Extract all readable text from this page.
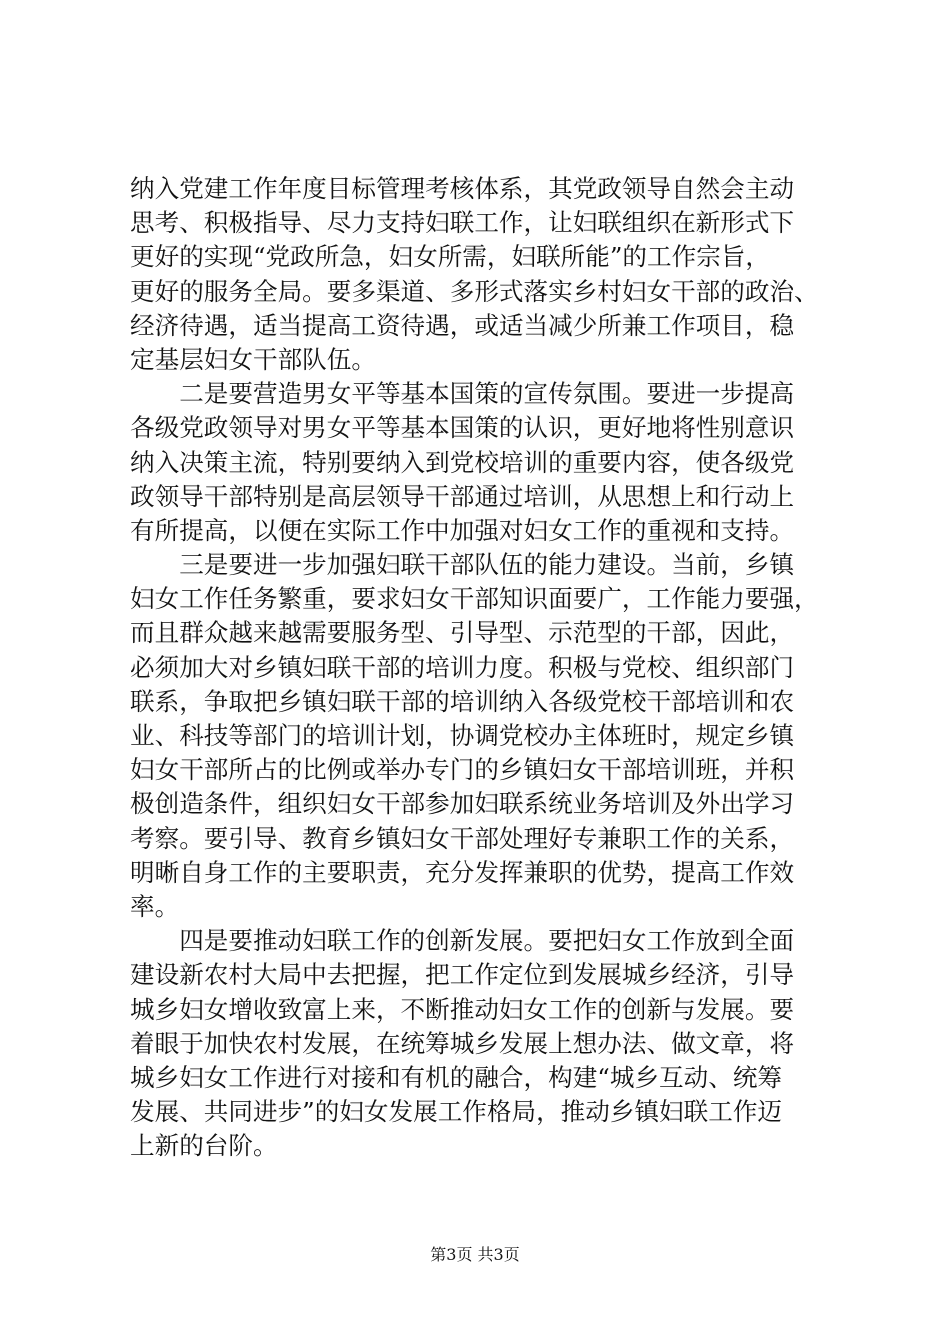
纳入党建工作年度目标管理考核体系，其党政领导自然会主动
思考、积极指导、尽力支持妇联工作，让妇联组织在新形式下
更好的实现“党政所急，妇女所需，妇联所能”的工作宗旨，
更好的服务全局。要多渠道、多形式落实乡村妇女干部的政治、
经济待遇，适当提高工资待遇，或适当减少所兼工作项目，稳
定基层妇女干部队伍。
　　二是要营造男女平等基本国策的宣传氛围。要进一步提高
各级党政领导对男女平等基本国策的认识，更好地将性别意识
纳入决策主流，特别要纳入到党校培训的重要内容，使各级党
政领导干部特别是高层领导干部通过培训，从思想上和行动上
有所提高，以便在实际工作中加强对妇女工作的重视和支持。
　　三是要进一步加强妇联干部队伍的能力建设。当前，乡镇
妇女工作任务繁重，要求妇女干部知识面要广，工作能力要强，
而且群众越来越需要服务型、引导型、示范型的干部，因此，
必须加大对乡镇妇联干部的培训力度。积极与党校、组织部门
联系，争取把乡镇妇联干部的培训纳入各级党校干部培训和农
业、科技等部门的培训计划，协调党校办主体班时，规定乡镇
妇女干部所占的比例或举办专门的乡镇妇女干部培训班，并积
极创造条件，组织妇女干部参加妇联系统业务培训及外出学习
考察。要引导、教育乡镇妇女干部处理好专兼职工作的关系，
明晰自身工作的主要职责，充分发挥兼职的优势，提高工作效
率。
　　四是要推动妇联工作的创新发展。要把妇女工作放到全面
建设新农村大局中去把握，把工作定位到发展城乡经济，引导
城乡妇女增收致富上来，不断推动妇女工作的创新与发展。要
着眼于加快农村发展，在统筹城乡发展上想办法、做文章，将
城乡妇女工作进行对接和有机的融合，构建“城乡互动、统筹
发展、共同进步”的妇女发展工作格局，推动乡镇妇联工作迈
上新的台阶。
第3页 共3页
